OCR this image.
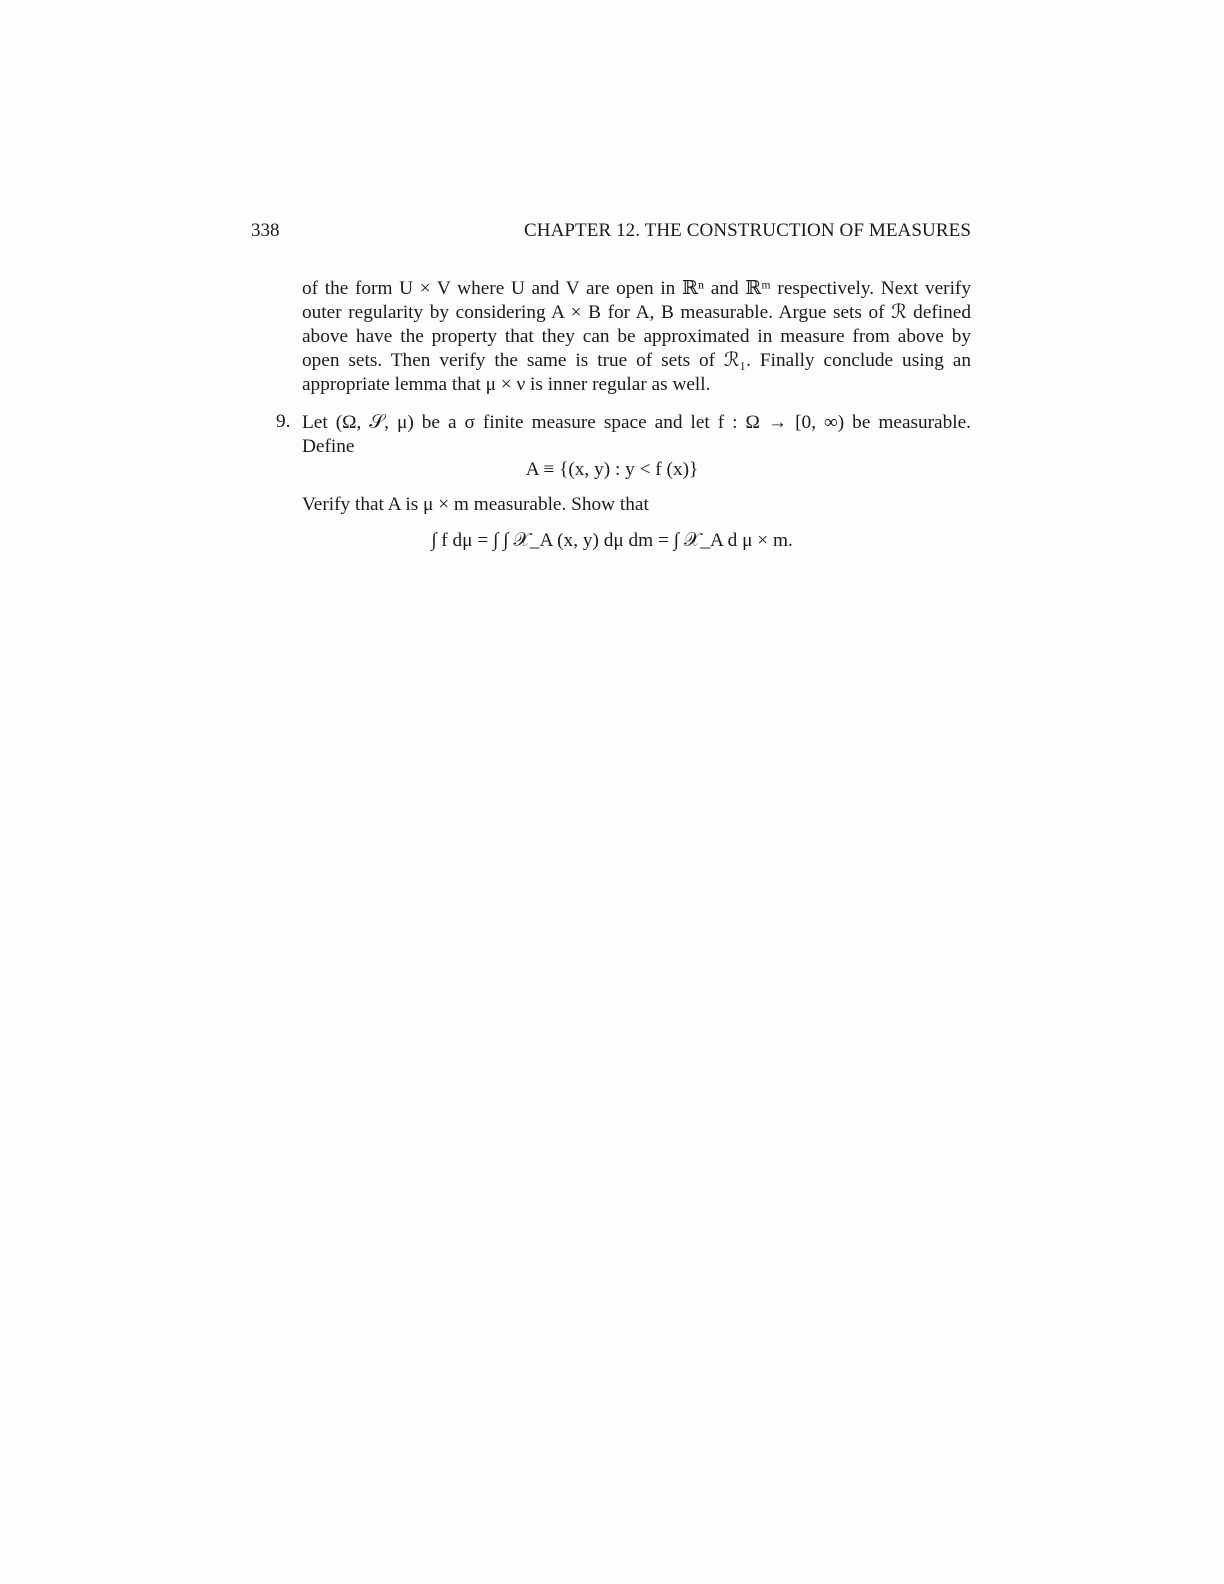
338	CHAPTER 12. THE CONSTRUCTION OF MEASURES
of the form U × V where U and V are open in ℝⁿ and ℝᵐ respectively. Next verify
outer regularity by considering A × B for A, B measurable. Argue sets of ℛ defined
above have the property that they can be approximated in measure from above by
open sets. Then verify the same is true of sets of ℛ₁. Finally conclude using an
appropriate lemma that μ × ν is inner regular as well.
9. Let (Ω, 𝒮, μ) be a σ finite measure space and let f : Ω → [0, ∞) be measurable.
Define
A ≡ {(x, y) : y < f (x)}
Verify that A is μ × m measurable. Show that
∫ f dμ = ∫ ∫ 𝒳_A (x, y) dμ dm = ∫ 𝒳_A d μ × m.
